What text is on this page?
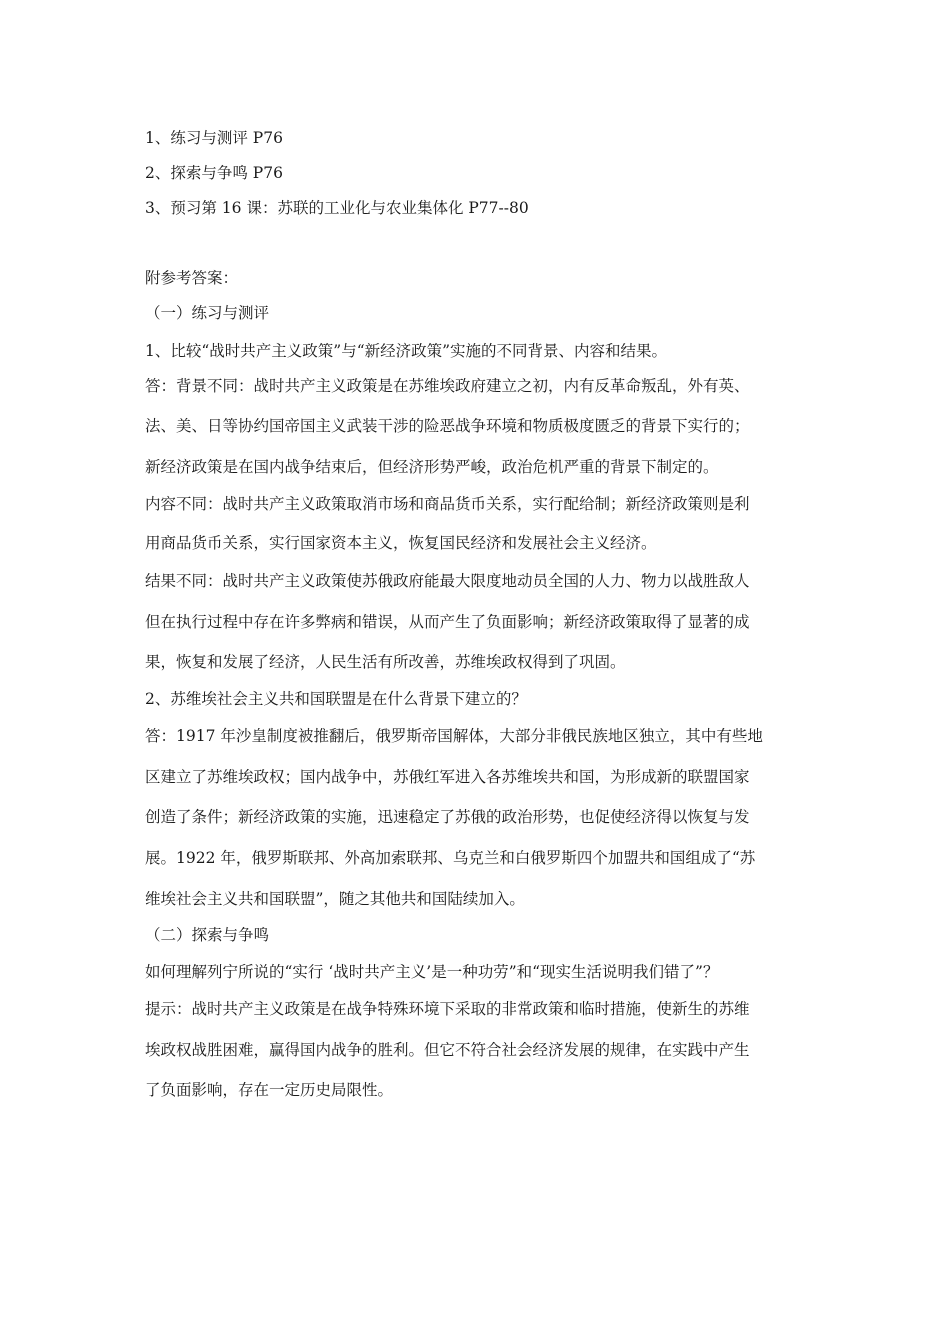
1、练习与测评 P76
2、探索与争鸣 P76
3、预习第 16 课：苏联的工业化与农业集体化 P77--80
附参考答案：
（一）练习与测评
1、比较“战时共产主义政策”与“新经济政策”实施的不同背景、内容和结果。
答：背景不同：战时共产主义政策是在苏维埃政府建立之初，内有反革命叛乱，外有英、
法、美、日等协约国帝国主义武装干涉的险恶战争环境和物质极度匮乏的背景下实行的；
新经济政策是在国内战争结束后，但经济形势严峻，政治危机严重的背景下制定的。
内容不同：战时共产主义政策取消市场和商品货币关系，实行配给制；新经济政策则是利
用商品货币关系，实行国家资本主义，恢复国民经济和发展社会主义经济。
结果不同：战时共产主义政策使苏俄政府能最大限度地动员全国的人力、物力以战胜敌人
但在执行过程中存在许多弊病和错误，从而产生了负面影响；新经济政策取得了显著的成
果，恢复和发展了经济，人民生活有所改善，苏维埃政权得到了巩固。
2、苏维埃社会主义共和国联盟是在什么背景下建立的？
答：1917 年沙皇制度被推翻后，俄罗斯帝国解体，大部分非俄民族地区独立，其中有些地
区建立了苏维埃政权；国内战争中，苏俄红军进入各苏维埃共和国，为形成新的联盟国家
创造了条件；新经济政策的实施，迅速稳定了苏俄的政治形势，也促使经济得以恢复与发
展。1922 年，俄罗斯联邦、外高加索联邦、乌克兰和白俄罗斯四个加盟共和国组成了“苏
维埃社会主义共和国联盟”，随之其他共和国陆续加入。
（二）探索与争鸣
如何理解列宁所说的“实行 ‘战时共产主义’是一种功劳”和“现实生活说明我们错了”？
提示：战时共产主义政策是在战争特殊环境下采取的非常政策和临时措施，使新生的苏维
埃政权战胜困难，赢得国内战争的胜利。但它不符合社会经济发展的规律，在实践中产生
了负面影响，存在一定历史局限性。
